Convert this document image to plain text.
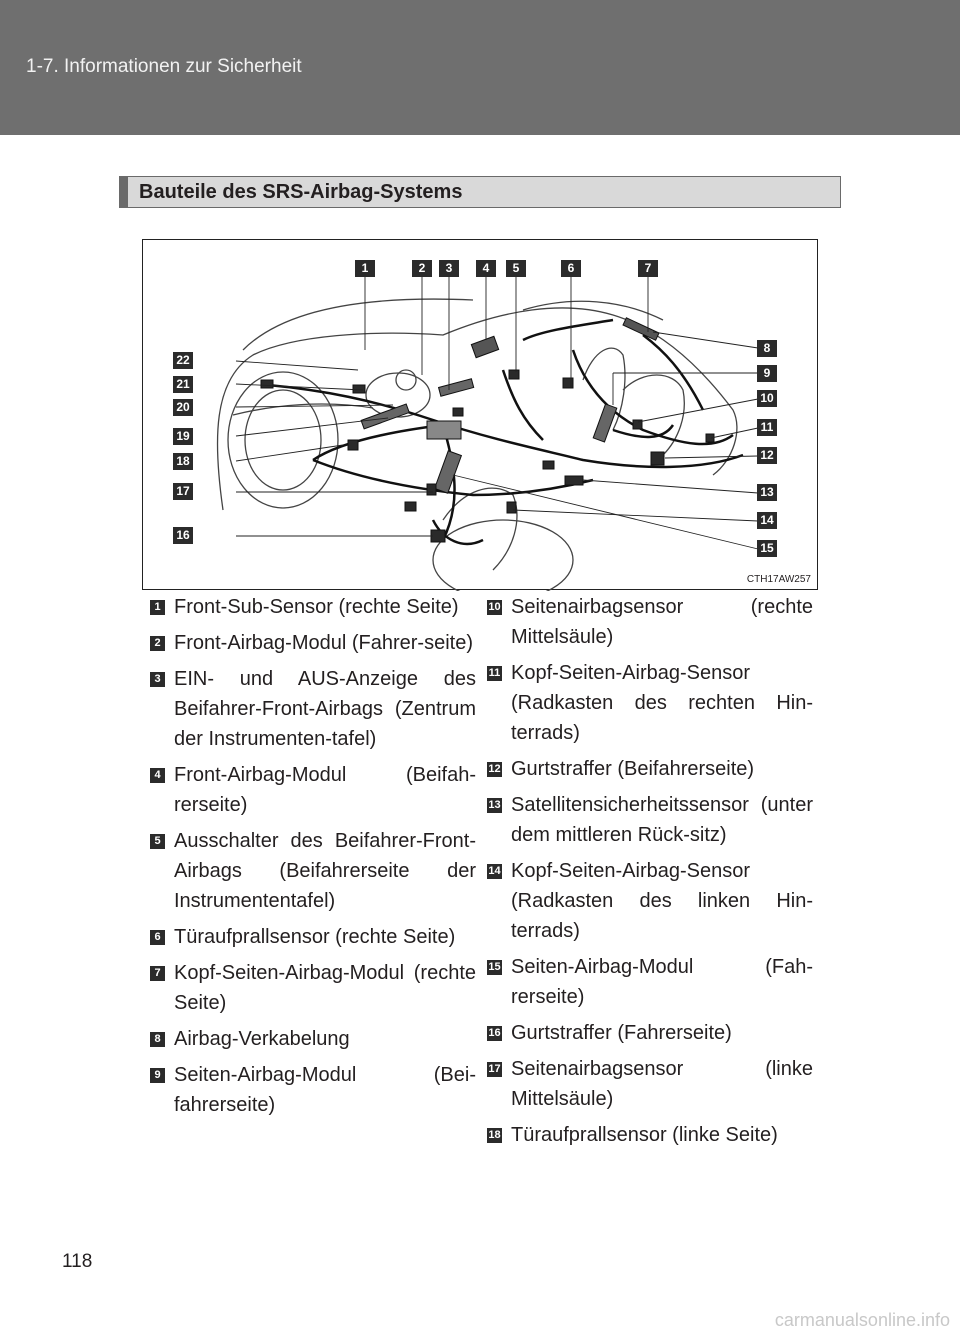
1-7. Informationen zur Sicherheit
Bauteile des SRS-Airbag-Systems
1	2	3	4	5	6	7
8
9
10
11
12
13
14
15
22
21
20
19
18
17
16
CTH17AW257
1 Front-Sub-Sensor (rechte Seite)
2 Front-Airbag-Modul (Fahrer-seite)
3 EIN- und AUS-Anzeige des Beifahrer-Front-Airbags (Zentrum der Instrumenten-tafel)
4 Front-Airbag-Modul (Beifah-rerseite)
5 Ausschalter des Beifahrer-Front-Airbags (Beifahrerseite der Instrumententafel)
6 Türaufprallsensor (rechte Seite)
7 Kopf-Seiten-Airbag-Modul (rechte Seite)
8 Airbag-Verkabelung
9 Seiten-Airbag-Modul (Bei-fahrerseite)
10 Seitenairbagsensor (rechte Mittelsäule)
11 Kopf-Seiten-Airbag-Sensor (Radkasten des rechten Hin-terrads)
12 Gurtstraffer (Beifahrerseite)
13 Satellitensicherheitssensor (unter dem mittleren Rück-sitz)
14 Kopf-Seiten-Airbag-Sensor (Radkasten des linken Hin-terrads)
15 Seiten-Airbag-Modul (Fah-rerseite)
16 Gurtstraffer (Fahrerseite)
17 Seitenairbagsensor (linke Mittelsäule)
18 Türaufprallsensor (linke Seite)
118
carmanualsonline.info
